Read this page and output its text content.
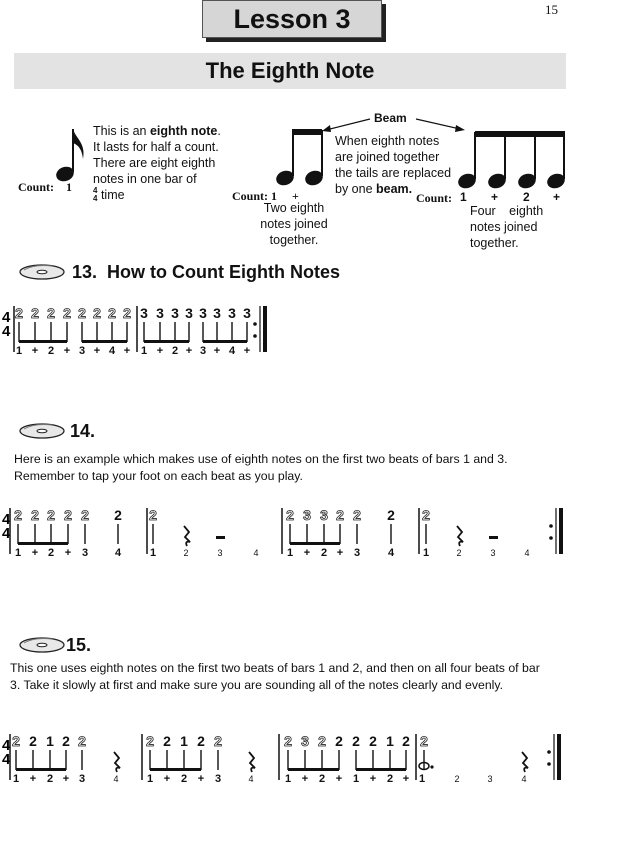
15
Lesson 3
The Eighth Note
Count: 1
This is an eighth note.
It lasts for half a count.
There are eight eighth
notes in one bar of
4
4 time	Count: 1 +
Two eighth
notes joined
together.
Beam
When eighth notes
are joined together
the tails are replaced
by one beam.
Count: 1 + 2 +
Four eighth
notes joined
together.
13. How to Count Eighth Notes
4
4
2
1
2
+
2
2
2
+
2
3
2
+
2
4
2
+
3
1
3
+
3
2
3
+
3
3
3
+
3
4
3
+
14.
Here is an example which makes use of eighth notes on the first two beats of bars 1 and 3.
Remember to tap your foot on each beat as you play.
4
4
2
1
2
+
2
2
2
+
2
3
2
4
2
1	2	3	4
2
1
3
+
3
2
2
+
2
3
2
4
2
1	2	3	4
15.
This one uses eighth notes on the first two beats of bars 1 and 2, and then on all four beats of bar
3. Take it slowly at first and make sure you are sounding all of the notes clearly and evenly.
4
4
2
1
2
+
1
2
2
+
2
3	4
2
1
2
+
1
2
2
+
2
3	4
2
1
3
+
2
2
2
+
2
1
2
+
1
2
2
+
2
1	2	3	4
